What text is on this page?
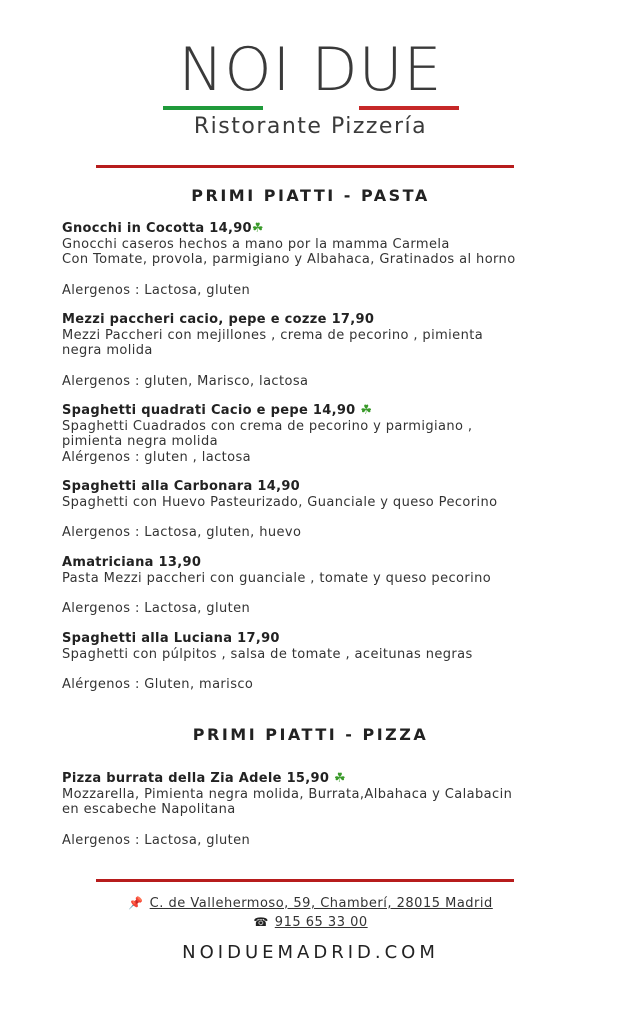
NOI DUE
Ristorante Pizzería
PRIMI PIATTI - PASTA
Gnocchi in Cocotta 14,90☘
Gnocchi caseros hechos a mano por la mamma Carmela
Con Tomate, provola, parmigiano y Albahaca, Gratinados al horno
Alergenos : Lactosa, gluten
Mezzi paccheri cacio, pepe e cozze 17,90
Mezzi Paccheri con mejillones , crema de pecorino , pimienta
negra molida
Alergenos : gluten, Marisco, lactosa
Spaghetti quadrati Cacio e pepe 14,90 ☘
Spaghetti Cuadrados con crema de pecorino y parmigiano ,
pimienta negra molida
Alérgenos : gluten , lactosa
Spaghetti alla Carbonara 14,90
Spaghetti con Huevo Pasteurizado, Guanciale y queso Pecorino
Alergenos : Lactosa, gluten, huevo
Amatriciana 13,90
Pasta Mezzi paccheri con guanciale , tomate y queso pecorino
Alergenos : Lactosa, gluten
Spaghetti alla Luciana 17,90
Spaghetti con púlpitos , salsa de tomate , aceitunas negras
Alérgenos : Gluten, marisco
PRIMI PIATTI - PIZZA
Pizza burrata della Zia Adele 15,90 ☘
Mozzarella, Pimienta negra molida, Burrata,Albahaca y Calabacin
en escabeche Napolitana
Alergenos : Lactosa, gluten
📌 C. de Vallehermoso, 59, Chamberí, 28015 Madrid
☎ 915 65 33 00
NOIDUEMADRID.COM
